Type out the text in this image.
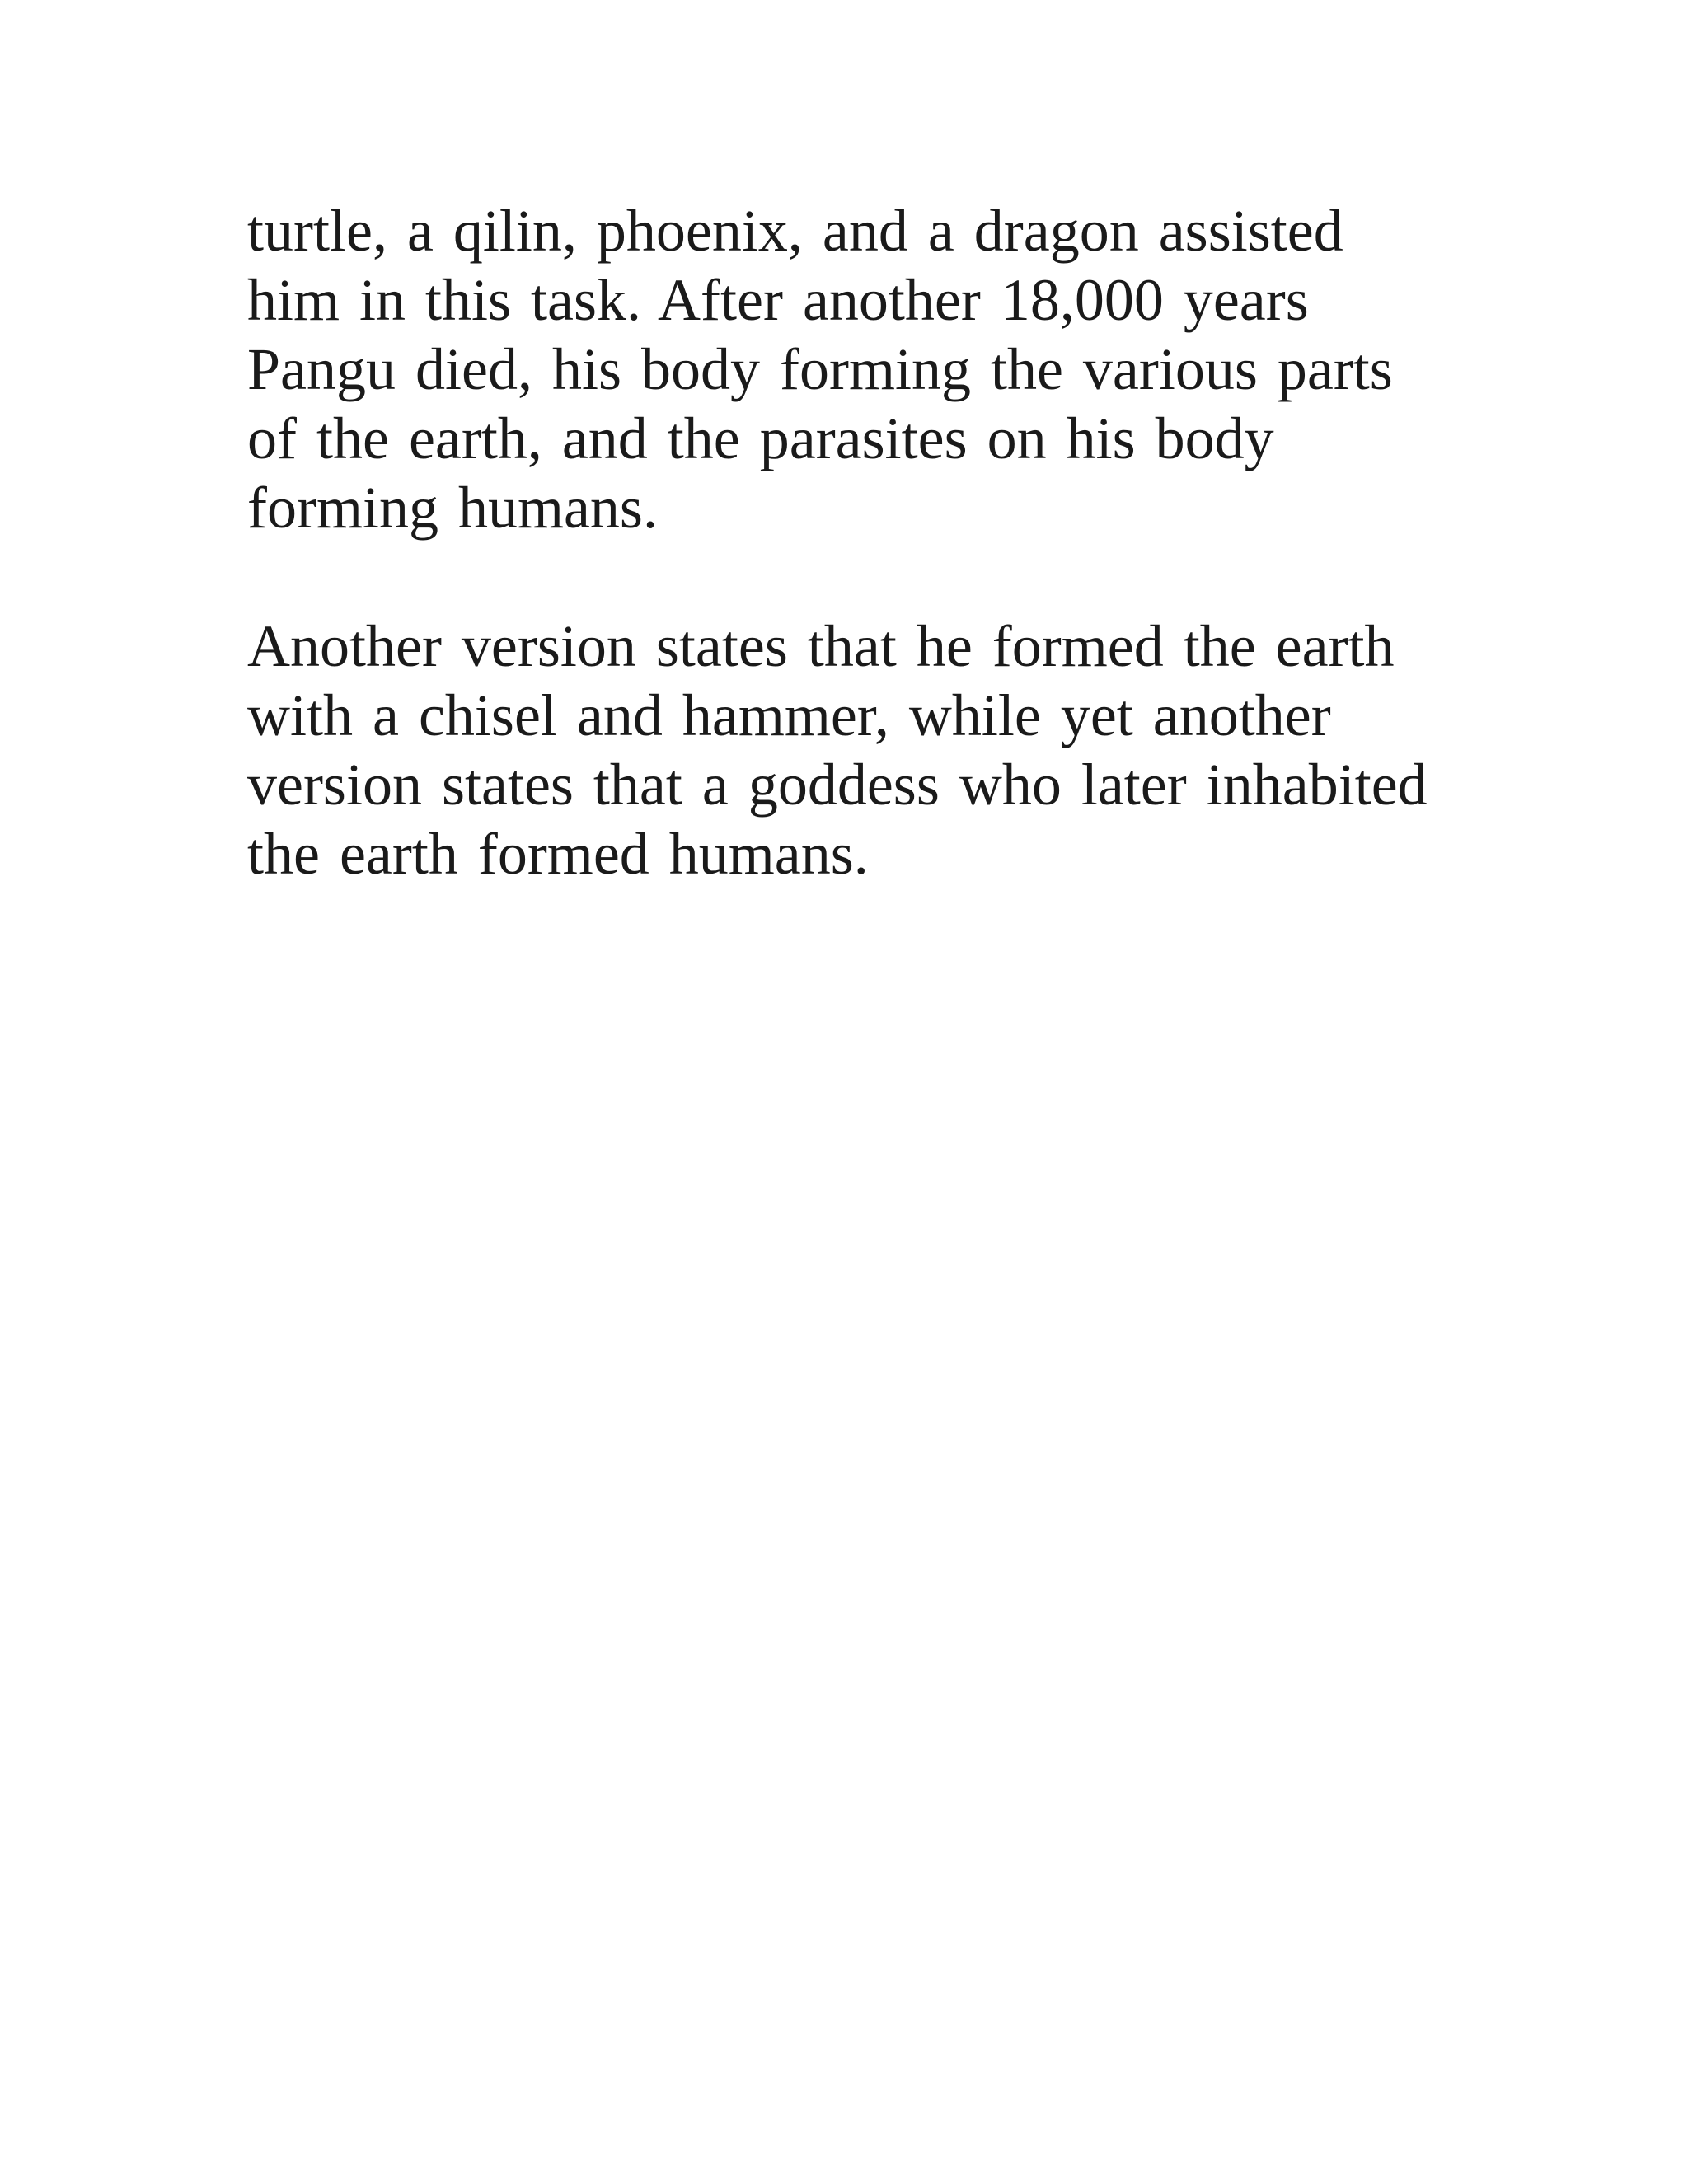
turtle, a qilin, phoenix, and a dragon assisted
him in this task. After another 18,000 years
Pangu died, his body forming the various parts
of the earth, and the parasites on his body
forming humans.
Another version states that he formed the earth
with a chisel and hammer, while yet another
version states that a goddess who later inhabited
the earth formed humans.
